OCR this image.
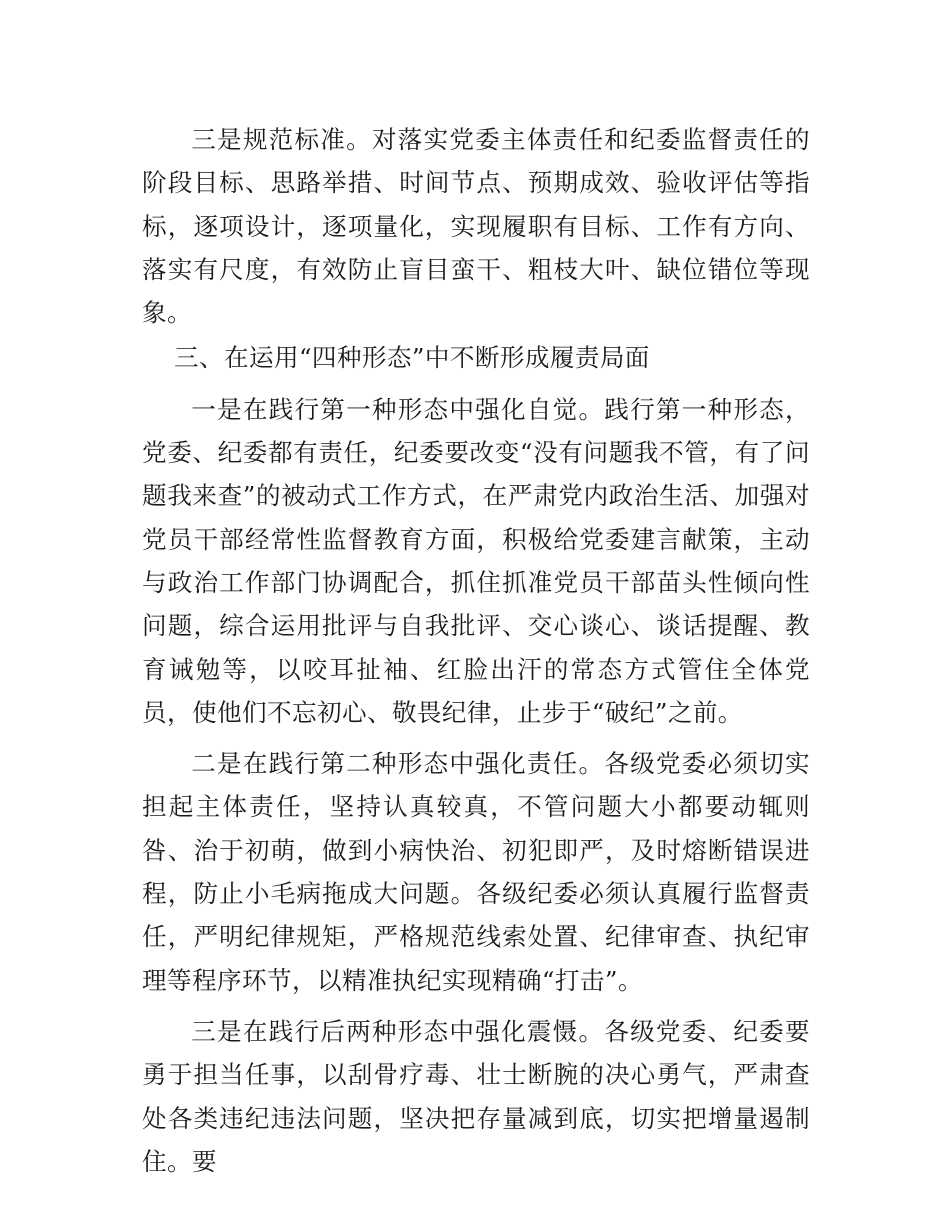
三是规范标准。对落实党委主体责任和纪委监督责任的阶段目标、思路举措、时间节点、预期成效、验收评估等指标，逐项设计，逐项量化，实现履职有目标、工作有方向、落实有尺度，有效防止盲目蛮干、粗枝大叶、缺位错位等现象。

三、在运用“四种形态”中不断形成履责局面

一是在践行第一种形态中强化自觉。践行第一种形态，党委、纪委都有责任，纪委要改变“没有问题我不管，有了问题我来查”的被动式工作方式，在严肃党内政治生活、加强对党员干部经常性监督教育方面，积极给党委建言献策，主动与政治工作部门协调配合，抓住抓准党员干部苗头性倾向性问题，综合运用批评与自我批评、交心谈心、谈话提醒、教育诫勉等，以咬耳扯袖、红脸出汗的常态方式管住全体党员，使他们不忘初心、敬畏纪律，止步于“破纪”之前。

二是在践行第二种形态中强化责任。各级党委必须切实担起主体责任，坚持认真较真，不管问题大小都要动辄则咎、治于初萌，做到小病快治、初犯即严，及时熔断错误进程，防止小毛病拖成大问题。各级纪委必须认真履行监督责任，严明纪律规矩，严格规范线索处置、纪律审查、执纪审理等程序环节，以精准执纪实现精确“打击”。

三是在践行后两种形态中强化震慑。各级党委、纪委要勇于担当任事，以刮骨疗毒、壮士断腕的决心勇气，严肃查处各类违纪违法问题，坚决把存量减到底，切实把增量遏制住。要
